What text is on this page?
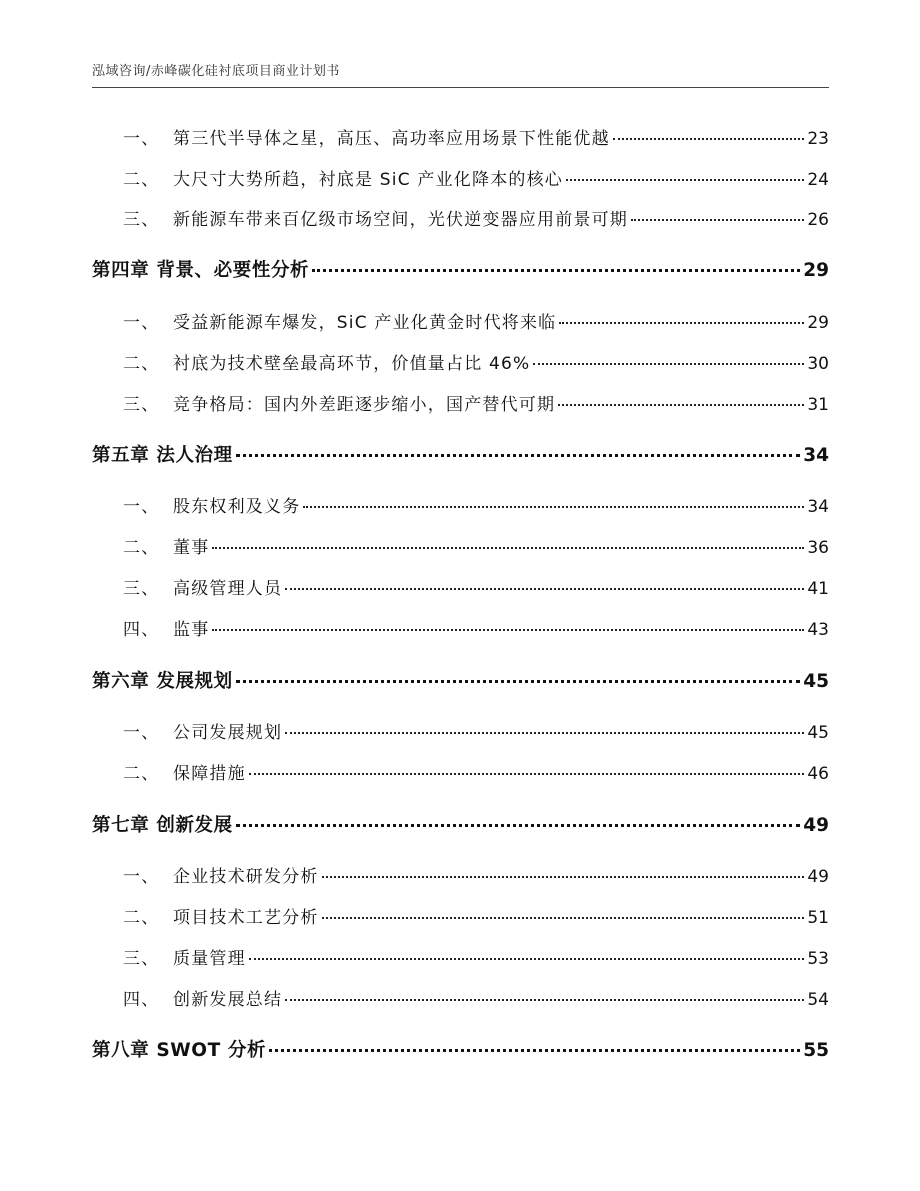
泓域咨询/赤峰碳化硅衬底项目商业计划书
一、 第三代半导体之星，高压、高功率应用场景下性能优越	23
二、 大尺寸大势所趋，衬底是 SiC 产业化降本的核心	24
三、 新能源车带来百亿级市场空间，光伏逆变器应用前景可期	26
第四章 背景、必要性分析	29
一、 受益新能源车爆发，SiC 产业化黄金时代将来临	29
二、 衬底为技术壁垒最高环节，价值量占比 46%	30
三、 竞争格局：国内外差距逐步缩小，国产替代可期	31
第五章 法人治理	34
一、 股东权利及义务	34
二、 董事	36
三、 高级管理人员	41
四、 监事	43
第六章 发展规划	45
一、 公司发展规划	45
二、 保障措施	46
第七章 创新发展	49
一、 企业技术研发分析	49
二、 项目技术工艺分析	51
三、 质量管理	53
四、 创新发展总结	54
第八章 SWOT 分析	55
